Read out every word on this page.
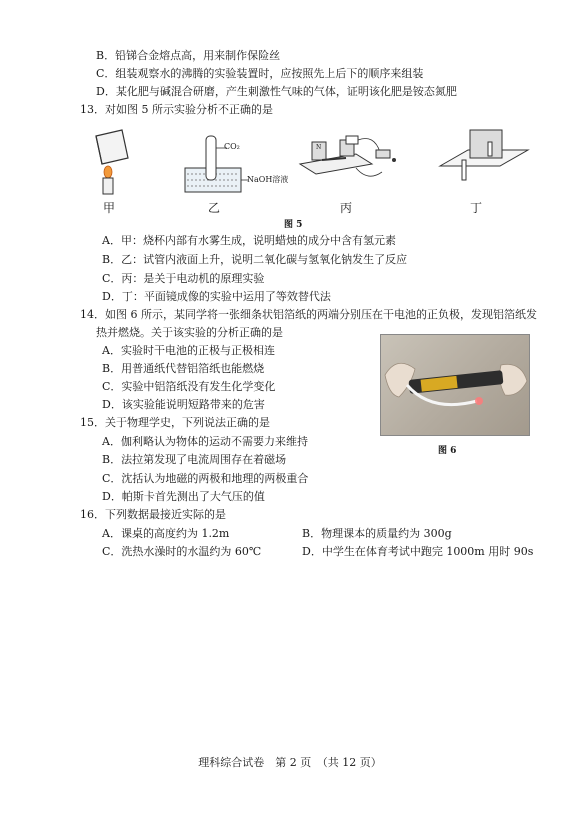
B．铅锑合金熔点高，用来制作保险丝
C．组装观察水的沸腾的实验装置时，应按照先上后下的顺序来组装
D．某化肥与碱混合研磨，产生刺激性气味的气体，证明该化肥是铵态氮肥
13．对如图 5 所示实验分析不正确的是
甲
CO₂
NaOH溶液
乙
N
丙	丁
图 5
A．甲：烧杯内部有水雾生成，说明蜡烛的成分中含有氢元素
B．乙：试管内液面上升，说明二氧化碳与氢氧化钠发生了反应
C．丙：是关于电动机的原理实验
D．丁：平面镜成像的实验中运用了等效替代法
14．如图 6 所示，某同学将一张细条状铝箔纸的两端分别压在干电池的正负极，发现铝箔纸发
热并燃烧。关于该实验的分析正确的是
A．实验时干电池的正极与正极相连
B．用普通纸代替铝箔纸也能燃烧
C．实验中铝箔纸没有发生化学变化
D．该实验能说明短路带来的危害
图 6
15．关于物理学史，下列说法正确的是
A．伽利略认为物体的运动不需要力来维持
B．法拉第发现了电流周围存在着磁场
C．沈括认为地磁的两极和地理的两极重合
D．帕斯卡首先测出了大气压的值
16．下列数据最接近实际的是
A．课桌的高度约为 1.2m	B．物理课本的质量约为 300g
C．洗热水澡时的水温约为 60℃	D．中学生在体育考试中跑完 1000m 用时 90s
理科综合试卷　第 2 页　（共 12 页）
